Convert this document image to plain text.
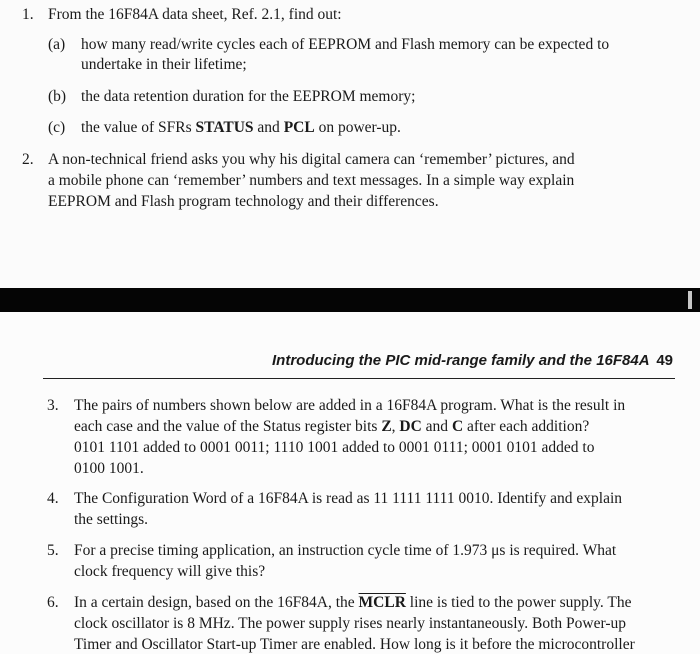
1. From the 16F84A data sheet, Ref. 2.1, find out:
(a) how many read/write cycles each of EEPROM and Flash memory can be expected to
undertake in their lifetime;
(b) the data retention duration for the EEPROM memory;
(c) the value of SFRs STATUS and PCL on power-up.
2. A non-technical friend asks you why his digital camera can ‘remember’ pictures, and
a mobile phone can ‘remember’ numbers and text messages. In a simple way explain
EEPROM and Flash program technology and their differences.
Introducing the PIC mid-range family and the 16F84A 49
3. The pairs of numbers shown below are added in a 16F84A program. What is the result in
each case and the value of the Status register bits Z, DC and C after each addition?
0101 1101 added to 0001 0011; 1110 1001 added to 0001 0111; 0001 0101 added to
0100 1001.
4. The Configuration Word of a 16F84A is read as 11 1111 1111 0010. Identify and explain
the settings.
5. For a precise timing application, an instruction cycle time of 1.973 μs is required. What
clock frequency will give this?
6. In a certain design, based on the 16F84A, the MCLR line is tied to the power supply. The
clock oscillator is 8 MHz. The power supply rises nearly instantaneously. Both Power-up
Timer and Oscillator Start-up Timer are enabled. How long is it before the microcontroller
